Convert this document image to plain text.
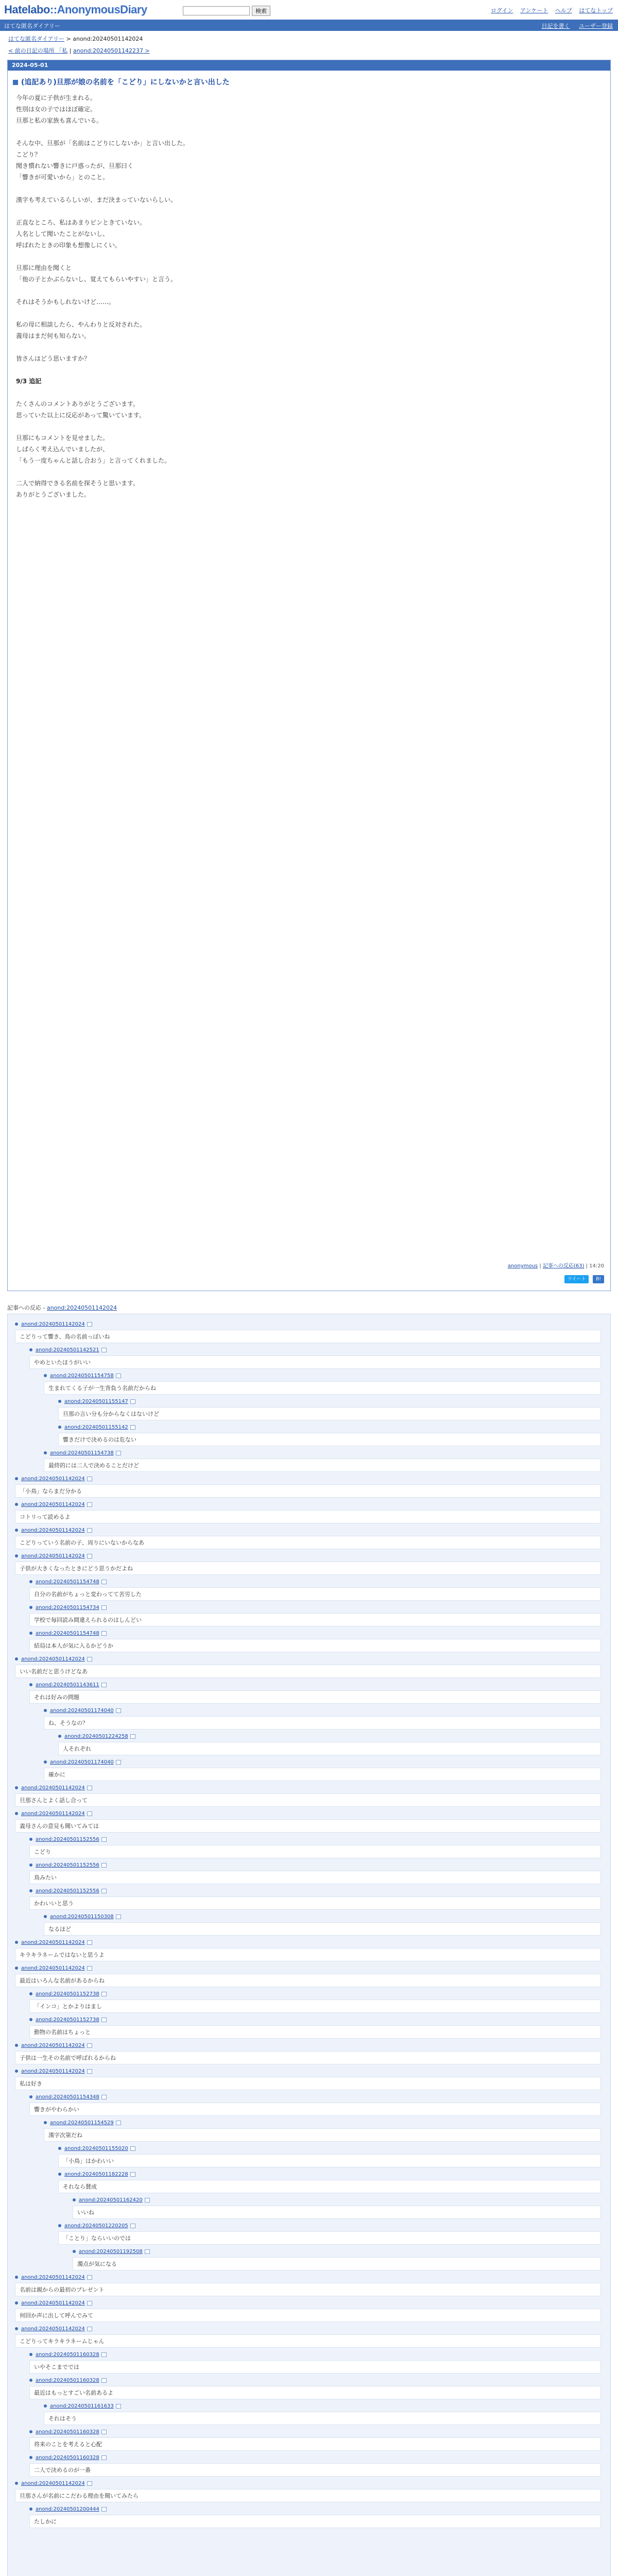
Hatelabo::AnonymousDiary	検索	ログイン アンケート ヘルプ はてなトップ
はてな匿名ダイアリー	日記を書く ユーザー登録
はてな匿名ダイアリー > anond:20240501142024
< 前の日記の場所 「私 | anond:20240501142237 >
2024-05-01
(追記あり)旦那が娘の名前を「こどり」にしないかと言い出した
今年の夏に子供が生まれる。
性別は女の子ではほぼ確定。
旦那と私の家族も喜んでいる。
そんな中、旦那が「名前はこどりにしないか」と言い出した。
こどり？
聞き慣れない響きに戸惑ったが、旦那曰く
「響きが可愛いから」とのこと。
漢字も考えているらしいが、まだ決まっていないらしい。
正直なところ、私はあまりピンときていない。
人名として聞いたことがないし、
呼ばれたときの印象も想像しにくい。
旦那に理由を聞くと
「他の子とかぶらないし、覚えてもらいやすい」と言う。
それはそうかもしれないけど……。
私の母に相談したら、やんわりと反対された。
義母はまだ何も知らない。
皆さんはどう思いますか？
9/3 追記
たくさんのコメントありがとうございます。
思っていた以上に反応があって驚いています。
旦那にもコメントを見せました。
しばらく考え込んでいましたが、
「もう一度ちゃんと話し合おう」と言ってくれました。
二人で納得できる名前を探そうと思います。
ありがとうございました。
anonymous | 記事への反応(63) | 14:20
ツイート B!
記事への反応 - anond:20240501142024
anond:20240501142024
こどりって響き、鳥の名前っぽいね
anond:20240501142521
やめといたほうがいい
anond:20240501154758
生まれてくる子が一生背負う名前だからね
anond:20240501155147
旦那の言い分も分からなくはないけど
anond:20240501155142
響きだけで決めるのは危ない
anond:20240501154738
最終的には二人で決めることだけど
anond:20240501142024
「小鳥」ならまだ分かる
anond:20240501142024
コトリって読めるよ
anond:20240501142024
こどりっていう名前の子、周りにいないからなあ
anond:20240501142024
子供が大きくなったときにどう思うかだよね
anond:20240501154748
自分の名前がちょっと変わってて苦労した
anond:20240501154734
学校で毎回読み間違えられるのはしんどい
anond:20240501154748
結局は本人が気に入るかどうか
anond:20240501142024
いい名前だと思うけどなあ
anond:20240501143611
それは好みの問題
anond:20240501174040
ね、そうなの？
anond:20240501224258
人それぞれ
anond:20240501174040
確かに
anond:20240501142024
旦那さんとよく話し合って
anond:20240501142024
義母さんの意見も聞いてみては
anond:20240501152556
こどり
anond:20240501152556
鳥みたい
anond:20240501152556
かわいいと思う
anond:20240501150308
なるほど
anond:20240501142024
キラキラネームではないと思うよ
anond:20240501142024
最近はいろんな名前があるからね
anond:20240501152738
「インコ」とかよりはまし
anond:20240501152738
動物の名前はちょっと
anond:20240501142024
子供は一生その名前で呼ばれるからね
anond:20240501142024
私は好き
anond:20240501154348
響きがやわらかい
anond:20240501154529
漢字次第だね
anond:20240501155020
「小鳥」はかわいい
anond:20240501182228
それなら賛成
anond:20240501162420
いいね
anond:20240501220205
「ことり」ならいいのでは
anond:20240501192508
濁点が気になる
anond:20240501142024
名前は親からの最初のプレゼント
anond:20240501142024
何回か声に出して呼んでみて
anond:20240501142024
こどりってキラキラネームじゃん
anond:20240501160328
いやそこまででは
anond:20240501160328
最近はもっとすごい名前あるよ
anond:20240501161633
それはそう
anond:20240501160328
将来のことを考えると心配
anond:20240501160328
二人で決めるのが一番
anond:20240501142024
旦那さんが名前にこだわる理由を聞いてみたら
anond:20240501200444
たしかに
